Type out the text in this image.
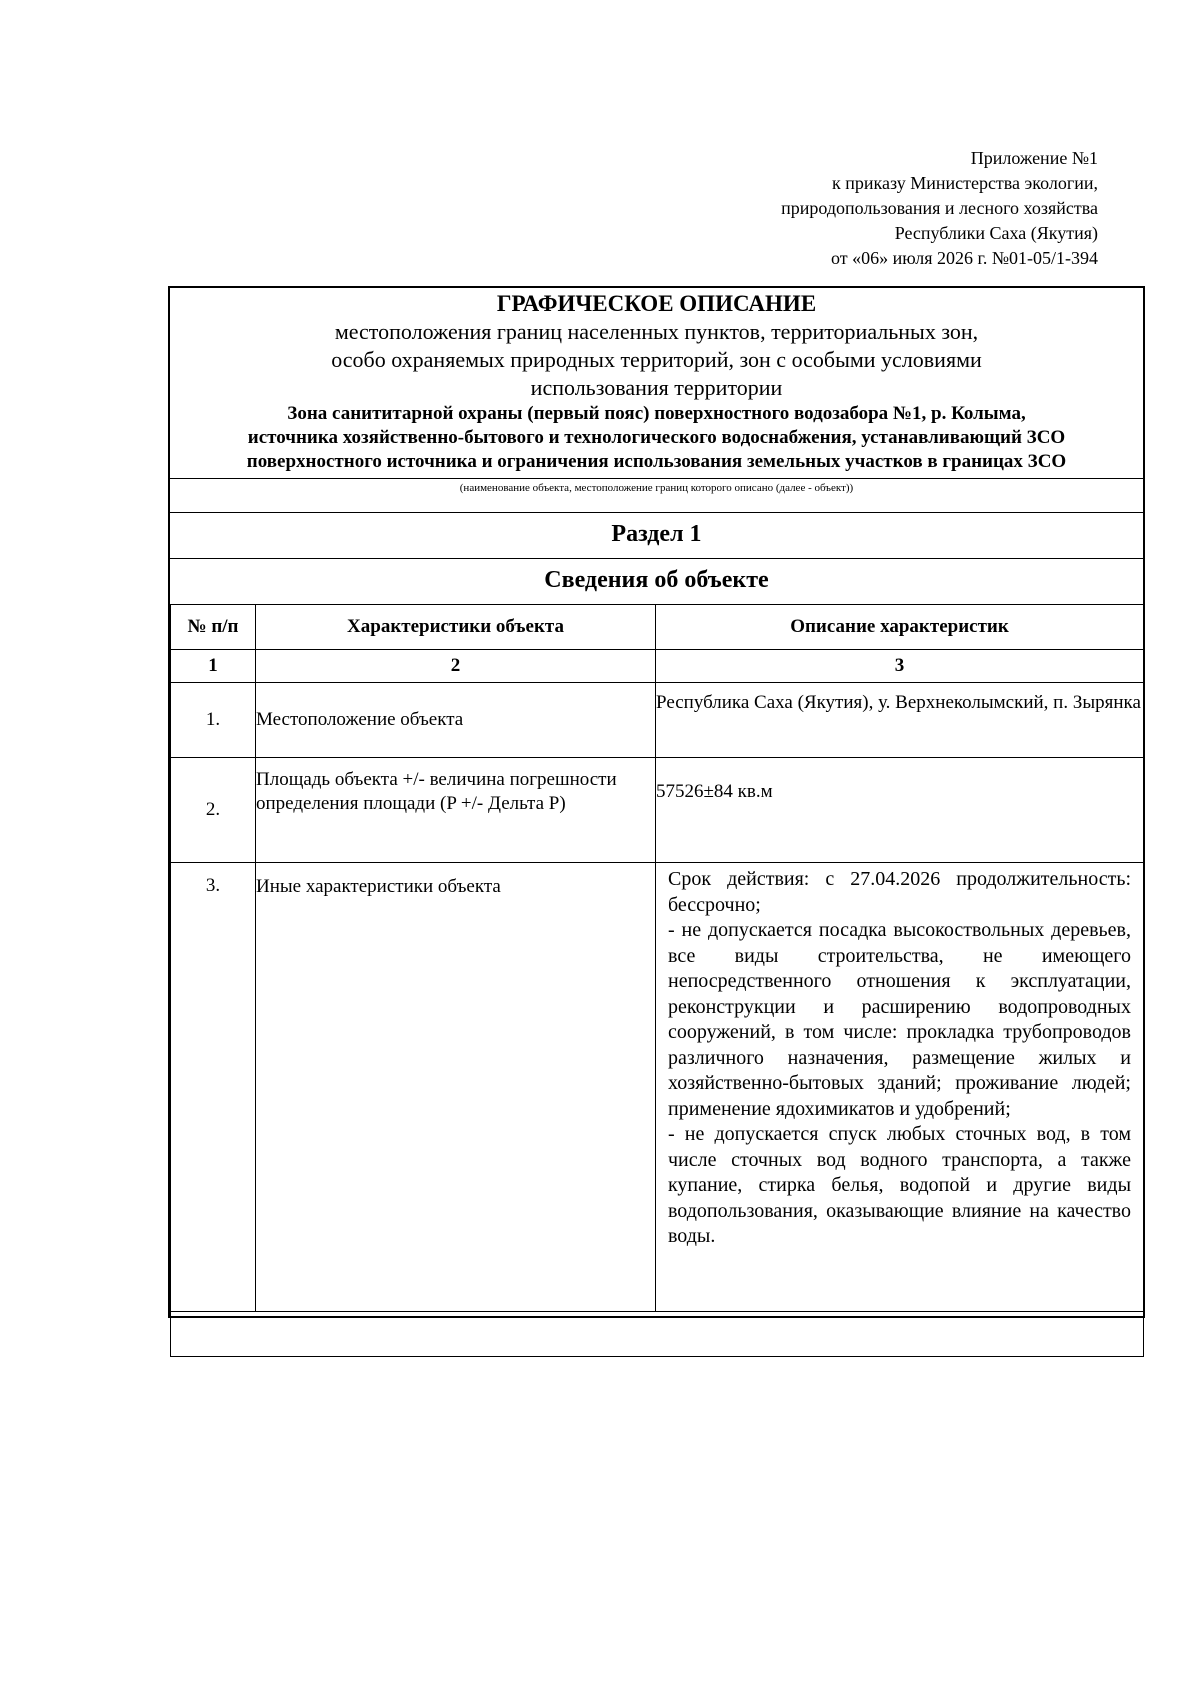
Приложение №1
к приказу Министерства экологии,
природопользования и лесного хозяйства
Республики Саха (Якутия)
от «06» июля 2026 г. №01-05/1-394
ГРАФИЧЕСКОЕ ОПИСАНИЕ
местоположения границ населенных пунктов, территориальных зон,
особо охраняемых природных территорий, зон с особыми условиями
использования территории
Зона санититарной охраны (первый пояс) поверхностного водозабора №1, р. Колыма,
источника хозяйственно-бытового и технологического водоснабжения, устанавливающий ЗСО
поверхностного источника и ограничения использования земельных участков в границах ЗСО
(наименование объекта, местоположение границ которого описано (далее - объект))
Раздел 1
Сведения об объекте
№ п/п	Характеристики объекта	Описание характеристик
1	2	3
1.	Местоположение объекта	Республика Саха (Якутия), у. Верхнеколымский, п. Зырянка
2.	Площадь объекта +/- величина погрешности определения площади (P +/- Дельта P)	57526±84 кв.м
3.	Иные характеристики объекта	Срок действия: с 27.04.2026 продолжительность: бессрочно;
- не допускается посадка высокоствольных деревьев, все виды строительства, не имеющего непосредственного отношения к эксплуатации, реконструкции и расширению водопроводных сооружений, в том числе: прокладка трубопроводов различного назначения, размещение жилых и хозяйственно-бытовых зданий; проживание людей; применение ядохимикатов и удобрений;
- не допускается спуск любых сточных вод, в том числе сточных вод водного транспорта, а также купание, стирка белья, водопой и другие виды водопользования, оказывающие влияние на качество воды.
